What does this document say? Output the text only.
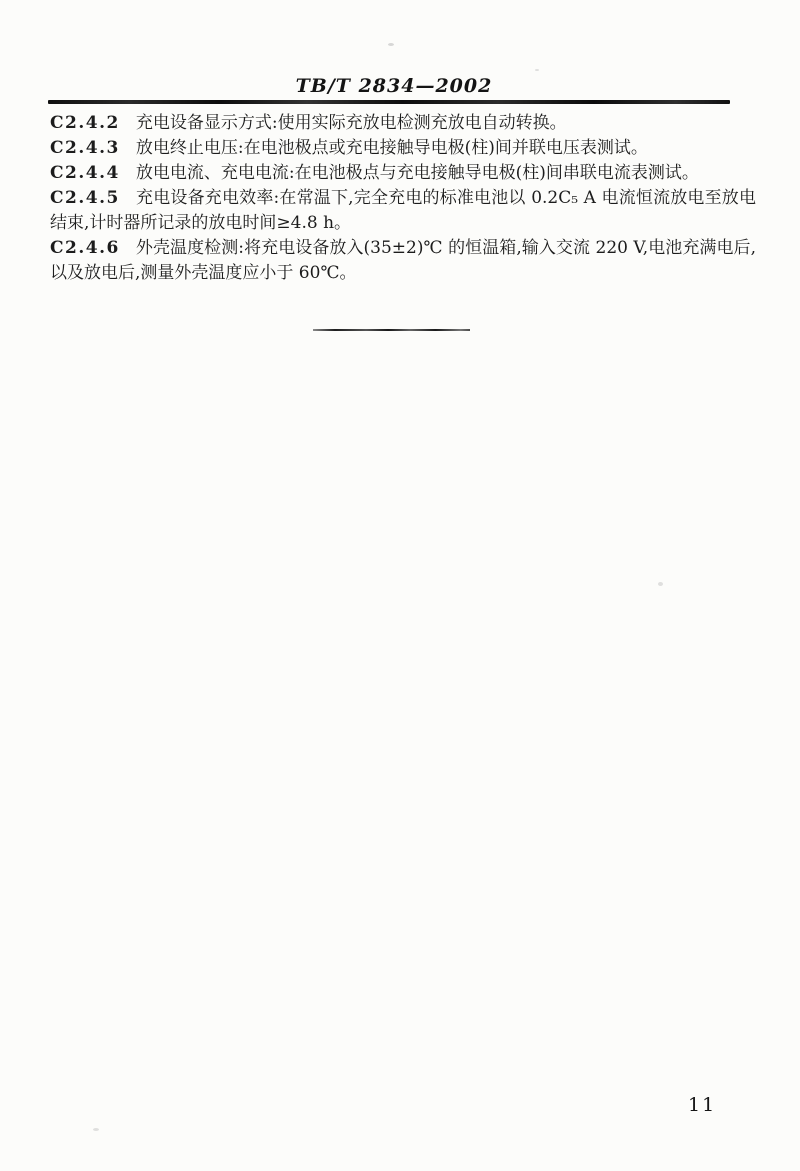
TB/T 2834—2002

C2.4.2 充电设备显示方式:使用实际充放电检测充放电自动转换。

C2.4.3 放电终止电压:在电池极点或充电接触导电极(柱)间并联电压表测试。

C2.4.4 放电电流、充电电流:在电池极点与充电接触导电极(柱)间串联电流表测试。

C2.4.5 充电设备充电效率:在常温下,完全充电的标准电池以 0.2C₅ A 电流恒流放电至放电结束,计时器所记录的放电时间≥4.8 h。

C2.4.6 外壳温度检测:将充电设备放入(35±2)℃ 的恒温箱,输入交流 220 V,电池充满电后,以及放电后,测量外壳温度应小于 60℃。

11
